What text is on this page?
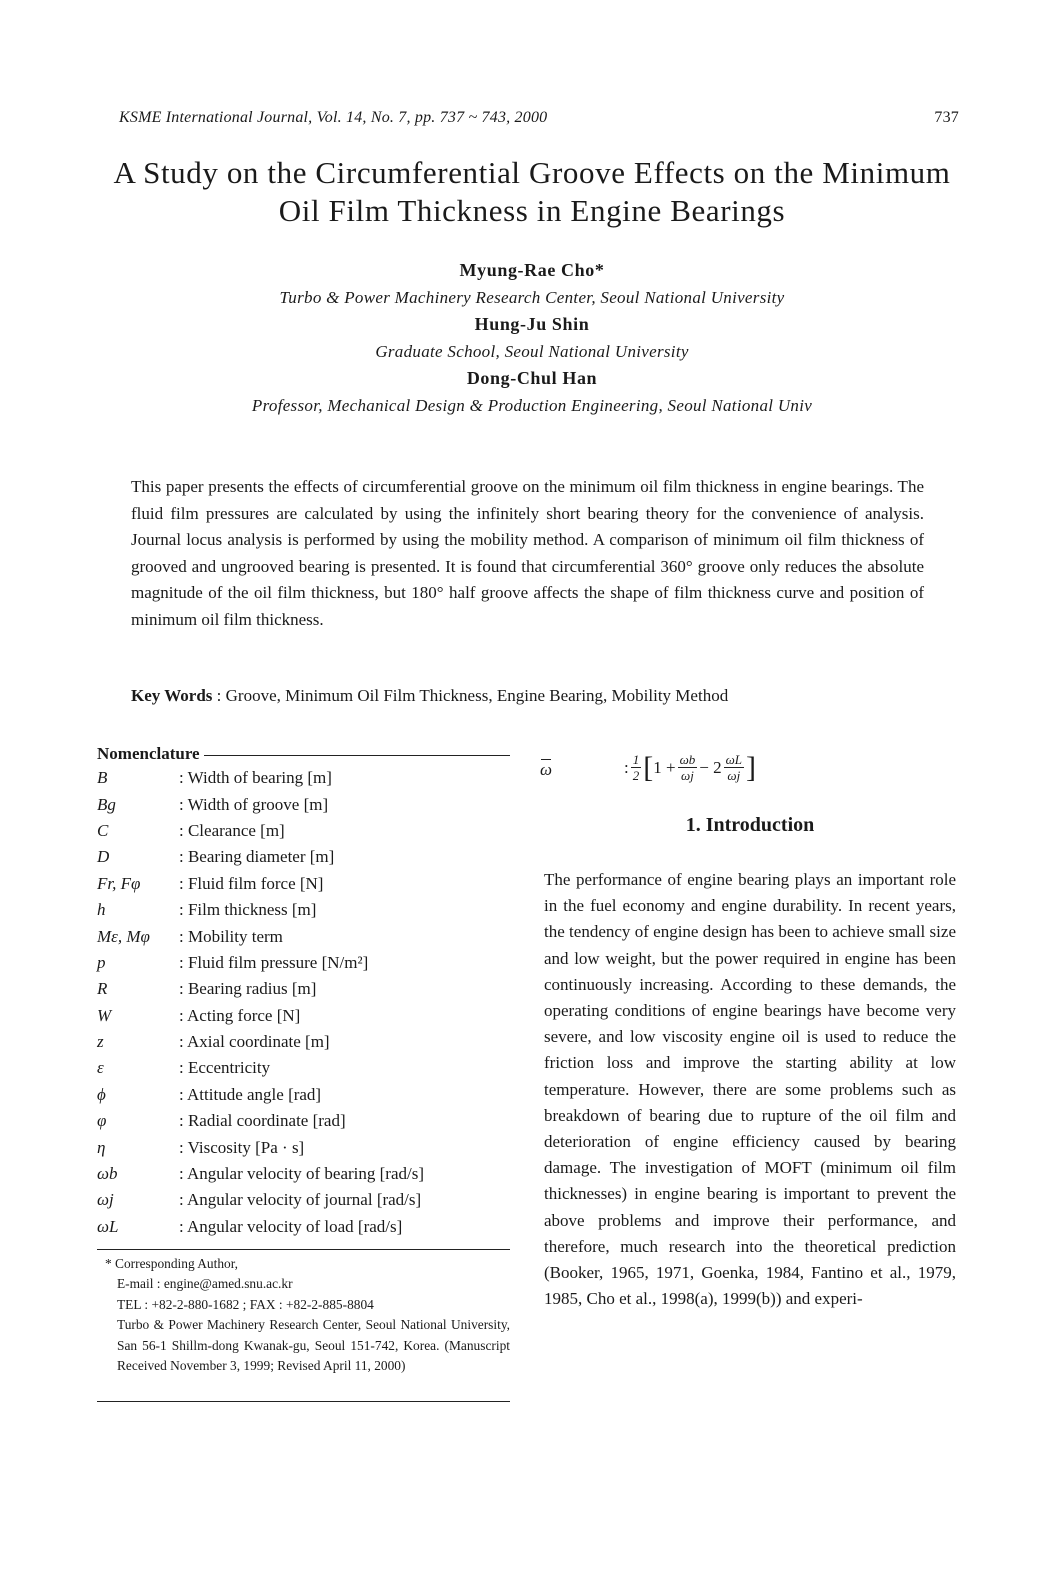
KSME International Journal, Vol. 14, No. 7, pp. 737 ~ 743, 2000	737
A Study on the Circumferential Groove Effects on the Minimum
Oil Film Thickness in Engine Bearings
Myung-Rae Cho*
Turbo & Power Machinery Research Center, Seoul National University
Hung-Ju Shin
Graduate School, Seoul National University
Dong-Chul Han
Professor, Mechanical Design & Production Engineering, Seoul National Univ
This paper presents the effects of circumferential groove on the minimum oil film thickness in engine bearings. The fluid film pressures are calculated by using the infinitely short bearing theory for the convenience of analysis. Journal locus analysis is performed by using the mobility method. A comparison of minimum oil film thickness of grooved and ungrooved bearing is presented. It is found that circumferential 360° groove only reduces the absolute magnitude of the oil film thickness, but 180° half groove affects the shape of film thickness curve and position of minimum oil film thickness.
Key Words : Groove, Minimum Oil Film Thickness, Engine Bearing, Mobility Method
Nomenclature
B	: Width of bearing [m]
Bg	: Width of groove [m]
C	: Clearance [m]
D	: Bearing diameter [m]
Fr, Fφ	: Fluid film force [N]
h	: Film thickness [m]
Mε, Mφ	: Mobility term
p	: Fluid film pressure [N/m²]
R	: Bearing radius [m]
W	: Acting force [N]
z	: Axial coordinate [m]
ε	: Eccentricity
ϕ	: Attitude angle [rad]
φ	: Radial coordinate [rad]
η	: Viscosity [Pa · s]
ωb	: Angular velocity of bearing [rad/s]
ωj	: Angular velocity of journal [rad/s]
ωL	: Angular velocity of load [rad/s]
* Corresponding Author,
E-mail : engine@amed.snu.ac.kr
TEL : +82-2-880-1682 ; FAX : +82-2-885-8804
Turbo & Power Machinery Research Center, Seoul National University, San 56-1 Shillm-dong Kwanak-gu, Seoul 151-742, Korea. (Manuscript Received November 3, 1999; Revised April 11, 2000)
ω	: $\frac{1}{2}$ [ $1 + \frac{\omega b}{\omega j} - 2 \frac{\omega L}{\omega j}$ ]
1. Introduction
The performance of engine bearing plays an important role in the fuel economy and engine durability. In recent years, the tendency of engine design has been to achieve small size and low weight, but the power required in engine has been continuously increasing. According to these demands, the operating conditions of engine bearings have become very severe, and low viscosity engine oil is used to reduce the friction loss and improve the starting ability at low temperature. However, there are some problems such as breakdown of bearing due to rupture of the oil film and deterioration of engine efficiency caused by bearing damage. The investigation of MOFT (minimum oil film thicknesses) in engine bearing is important to prevent the above problems and improve their performance, and therefore, much research into the theoretical prediction (Booker, 1965, 1971, Goenka, 1984, Fantino et al., 1979, 1985, Cho et al., 1998(a), 1999(b)) and experi-
